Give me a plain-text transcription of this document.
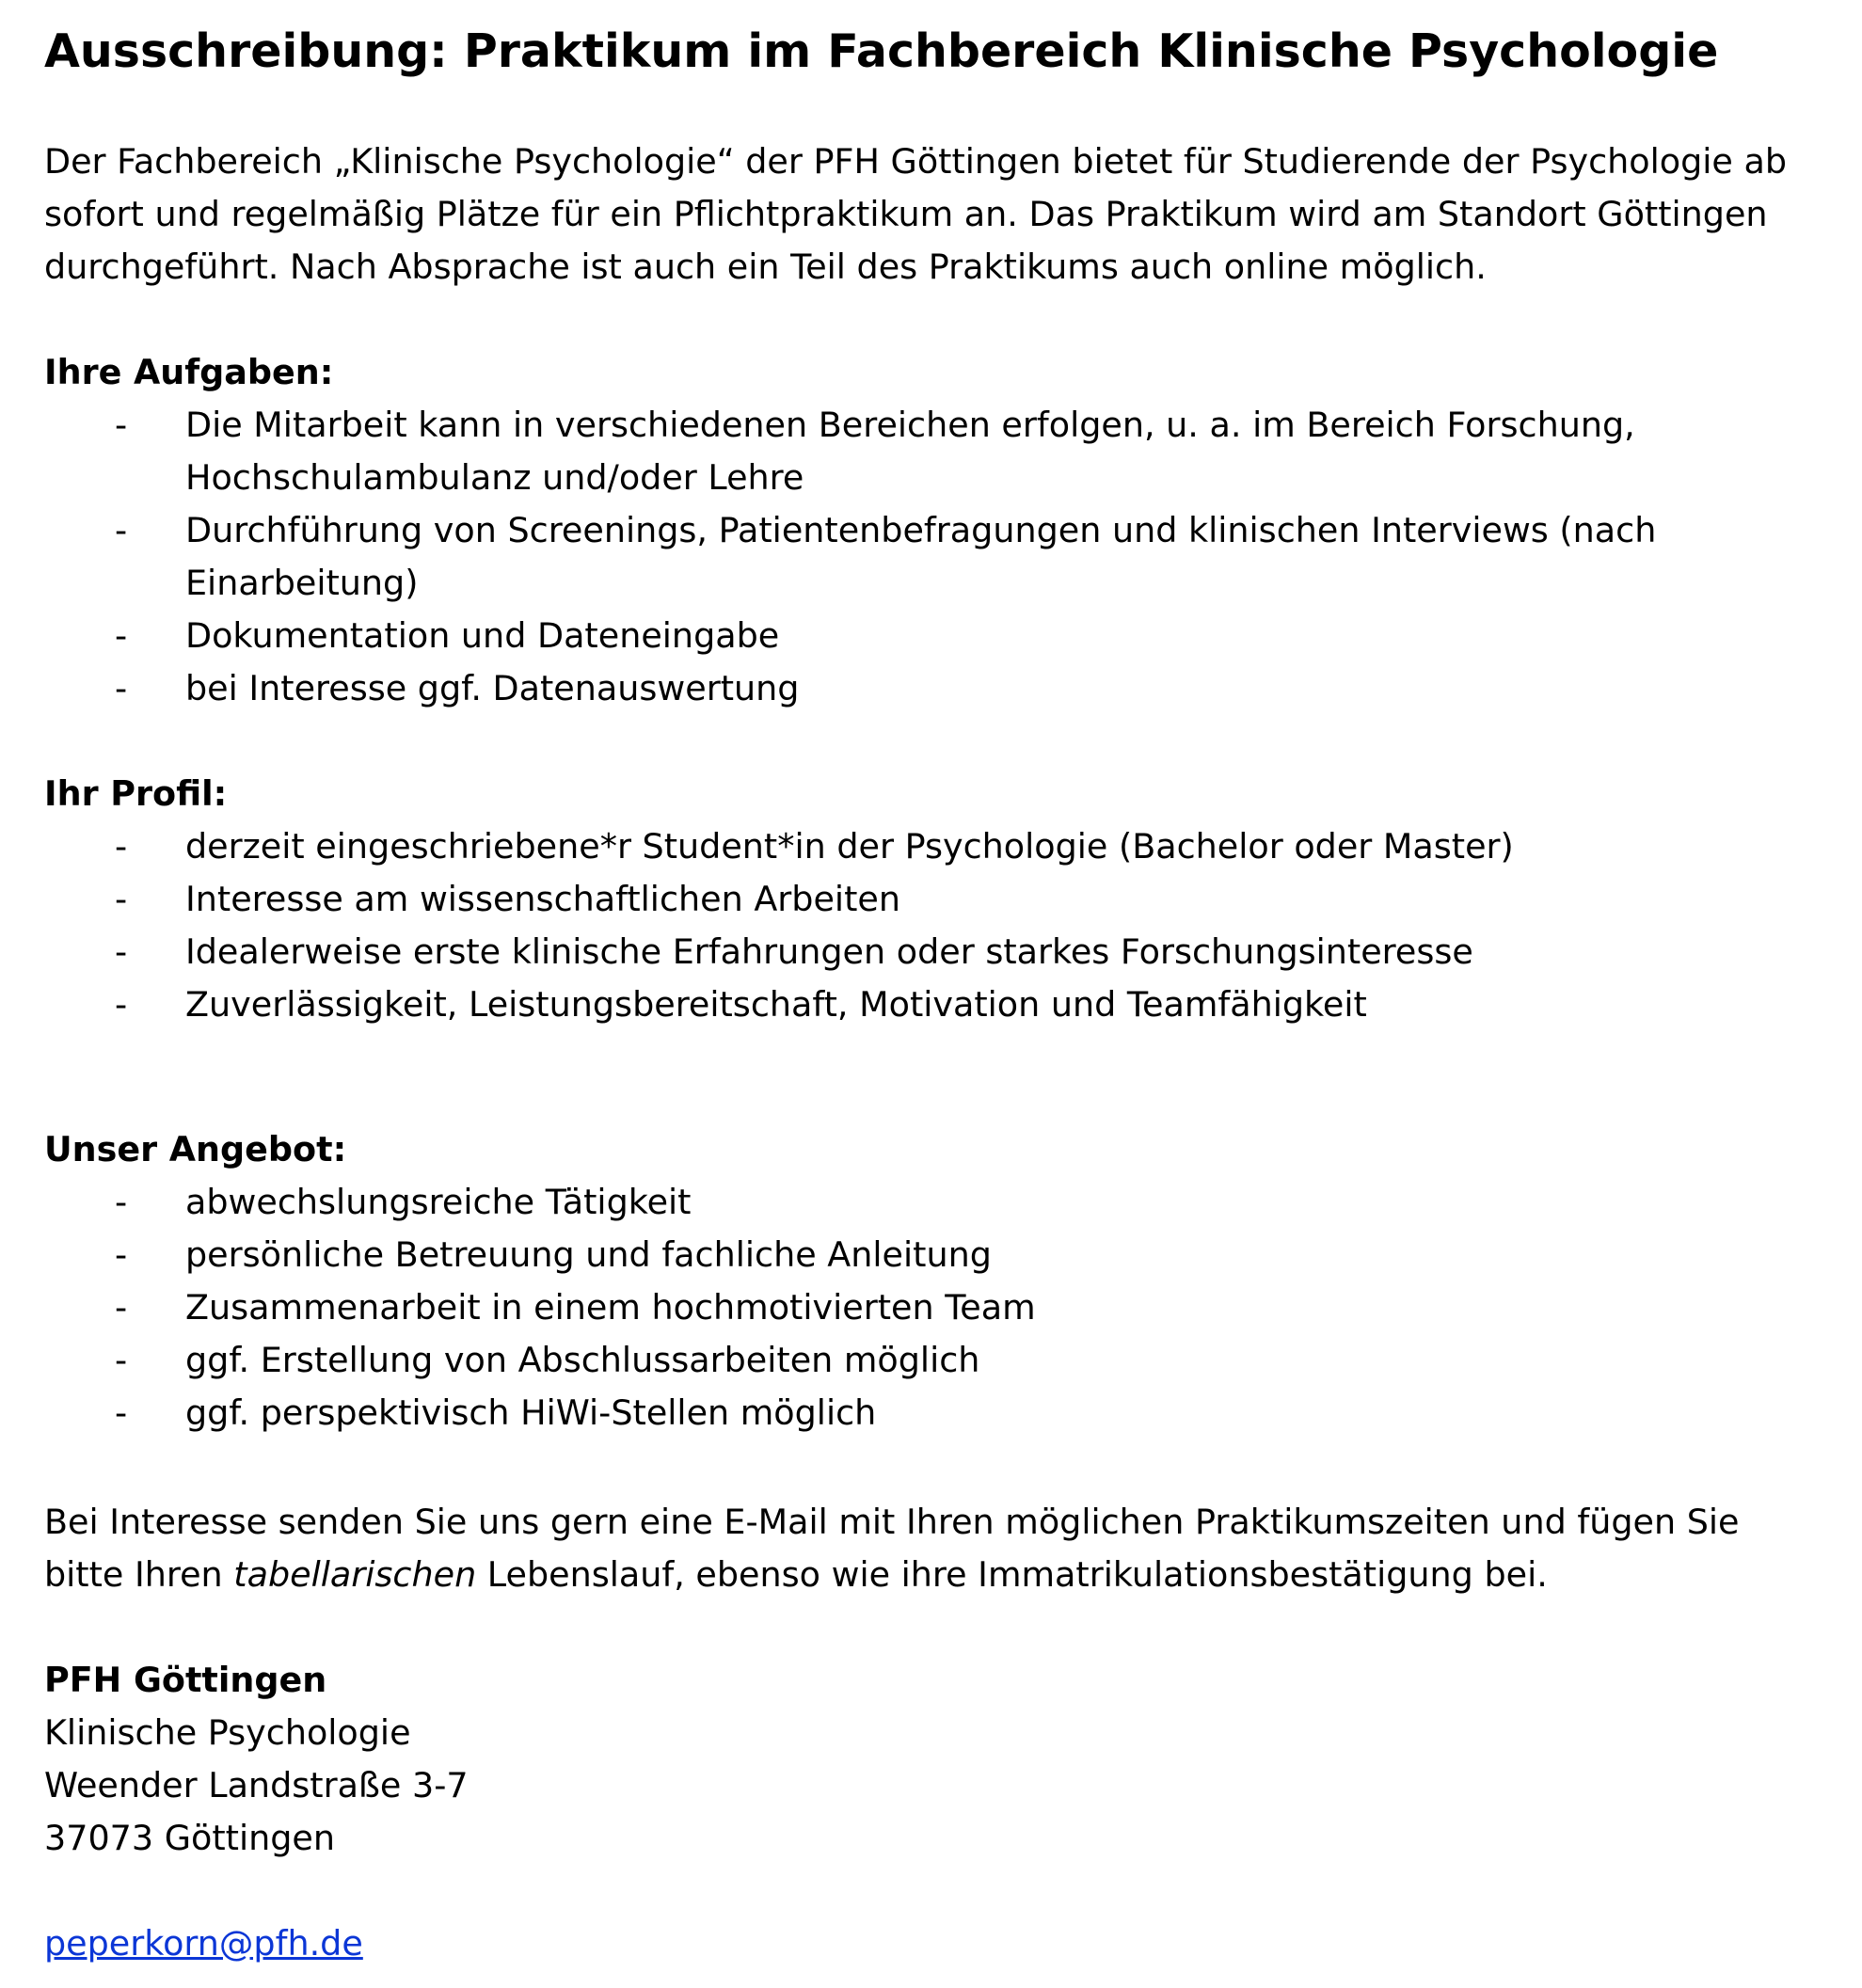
Ausschreibung: Praktikum im Fachbereich Klinische Psychologie

Der Fachbereich „Klinische Psychologie“ der PFH Göttingen bietet für Studierende der Psychologie ab
sofort und regelmäßig Plätze für ein Pflichtpraktikum an. Das Praktikum wird am Standort Göttingen
durchgeführt. Nach Absprache ist auch ein Teil des Praktikums auch online möglich.

Ihre Aufgaben:
- Die Mitarbeit kann in verschiedenen Bereichen erfolgen, u. a. im Bereich Forschung,
Hochschulambulanz und/oder Lehre
- Durchführung von Screenings, Patientenbefragungen und klinischen Interviews (nach
Einarbeitung)
- Dokumentation und Dateneingabe
- bei Interesse ggf. Datenauswertung
Ihr Profil:
- derzeit eingeschriebene*r Student*in der Psychologie (Bachelor oder Master)
- Interesse am wissenschaftlichen Arbeiten
- Idealerweise erste klinische Erfahrungen oder starkes Forschungsinteresse
- Zuverlässigkeit, Leistungsbereitschaft, Motivation und Teamfähigkeit
Unser Angebot:
- abwechslungsreiche Tätigkeit
- persönliche Betreuung und fachliche Anleitung
- Zusammenarbeit in einem hochmotivierten Team
- ggf. Erstellung von Abschlussarbeiten möglich
- ggf. perspektivisch HiWi-Stellen möglich

Bei Interesse senden Sie uns gern eine E-Mail mit Ihren möglichen Praktikumszeiten und fügen Sie
bitte Ihren tabellarischen Lebenslauf, ebenso wie ihre Immatrikulationsbestätigung bei.

PFH Göttingen
Klinische Psychologie
Weender Landstraße 3-7
37073 Göttingen
peperkorn@pfh.de
